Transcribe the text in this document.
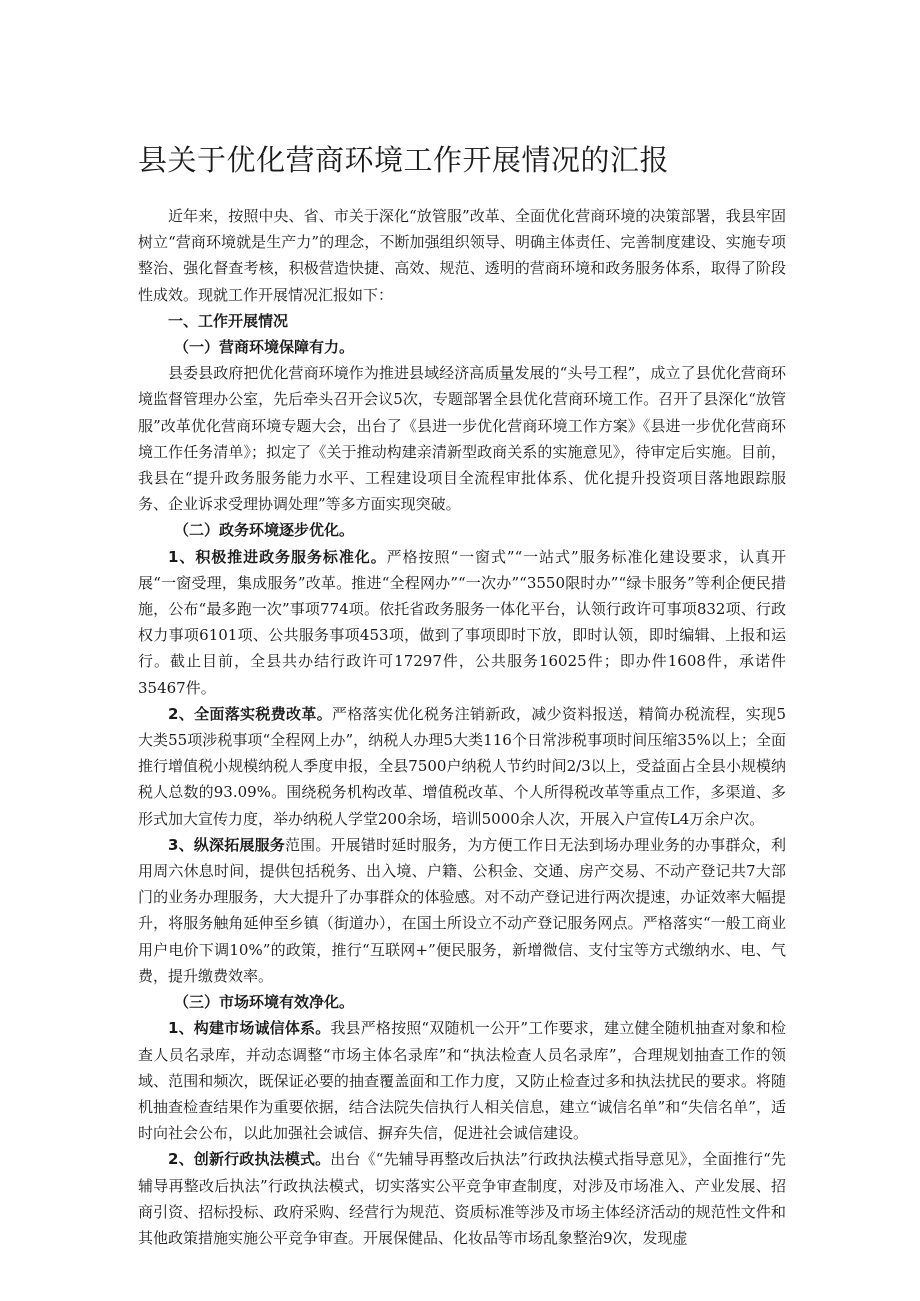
县关于优化营商环境工作开展情况的汇报

近年来，按照中央、省、市关于深化“放管服”改革、全面优化营商环境的决策部署，我县牢固树立“营商环境就是生产力”的理念，不断加强组织领导、明确主体责任、完善制度建设、实施专项整治、强化督查考核，积极营造快捷、高效、规范、透明的营商环境和政务服务体系，取得了阶段性成效。现就工作开展情况汇报如下：

一、工作开展情况

（一）营商环境保障有力。

县委县政府把优化营商环境作为推进县域经济高质量发展的“头号工程”，成立了县优化营商环境监督管理办公室，先后牵头召开会议5次，专题部署全县优化营商环境工作。召开了县深化“放管服”改革优化营商环境专题大会，出台了《县进一步优化营商环境工作方案》《县进一步优化营商环境工作任务清单》；拟定了《关于推动构建亲清新型政商关系的实施意见》，待审定后实施。目前，我县在“提升政务服务能力水平、工程建设项目全流程审批体系、优化提升投资项目落地跟踪服务、企业诉求受理协调处理”等多方面实现突破。

（二）政务环境逐步优化。

1、积极推进政务服务标准化。严格按照“一窗式”“一站式”服务标准化建设要求，认真开展“一窗受理，集成服务”改革。推进“全程网办”“一次办”“3550限时办”“绿卡服务”等利企便民措施，公布“最多跑一次”事项774项。依托省政务服务一体化平台，认领行政许可事项832项、行政权力事项6101项、公共服务事项453项，做到了事项即时下放，即时认领，即时编辑、上报和运行。截止目前，全县共办结行政许可17297件，公共服务16025件；即办件1608件，承诺件35467件。

2、全面落实税费改革。严格落实优化税务注销新政，减少资料报送，精简办税流程，实现5大类55项涉税事项“全程网上办”，纳税人办理5大类116个日常涉税事项时间压缩35%以上；全面推行增值税小规模纳税人季度申报，全县7500户纳税人节约时间2/3以上，受益面占全县小规模纳税人总数的93.09%。围绕税务机构改革、增值税改革、个人所得税改革等重点工作，多渠道、多形式加大宣传力度，举办纳税人学堂200余场，培训5000余人次，开展入户宣传L4万余户次。

3、纵深拓展服务范围。开展错时延时服务，为方便工作日无法到场办理业务的办事群众，利用周六休息时间，提供包括税务、出入境、户籍、公积金、交通、房产交易、不动产登记共7大部门的业务办理服务，大大提升了办事群众的体验感。对不动产登记进行两次提速，办证效率大幅提升，将服务触角延伸至乡镇（街道办），在国土所设立不动产登记服务网点。严格落实“一般工商业用户电价下调10%”的政策，推行“互联网+”便民服务，新增微信、支付宝等方式缴纳水、电、气费，提升缴费效率。

（三）市场环境有效净化。

1、构建市场诚信体系。我县严格按照“双随机一公开”工作要求，建立健全随机抽查对象和检查人员名录库，并动态调整“市场主体名录库”和“执法检查人员名录库”，合理规划抽查工作的领域、范围和频次，既保证必要的抽查覆盖面和工作力度，又防止检查过多和执法扰民的要求。将随机抽查检查结果作为重要依据，结合法院失信执行人相关信息，建立“诚信名单”和“失信名单”，适时向社会公布，以此加强社会诚信、摒弃失信，促进社会诚信建设。

2、创新行政执法模式。出台《“先辅导再整改后执法”行政执法模式指导意见》，全面推行“先辅导再整改后执法”行政执法模式，切实落实公平竞争审查制度，对涉及市场准入、产业发展、招商引资、招标投标、政府采购、经营行为规范、资质标准等涉及市场主体经济活动的规范性文件和其他政策措施实施公平竞争审查。开展保健品、化妆品等市场乱象整治9次，发现虚
